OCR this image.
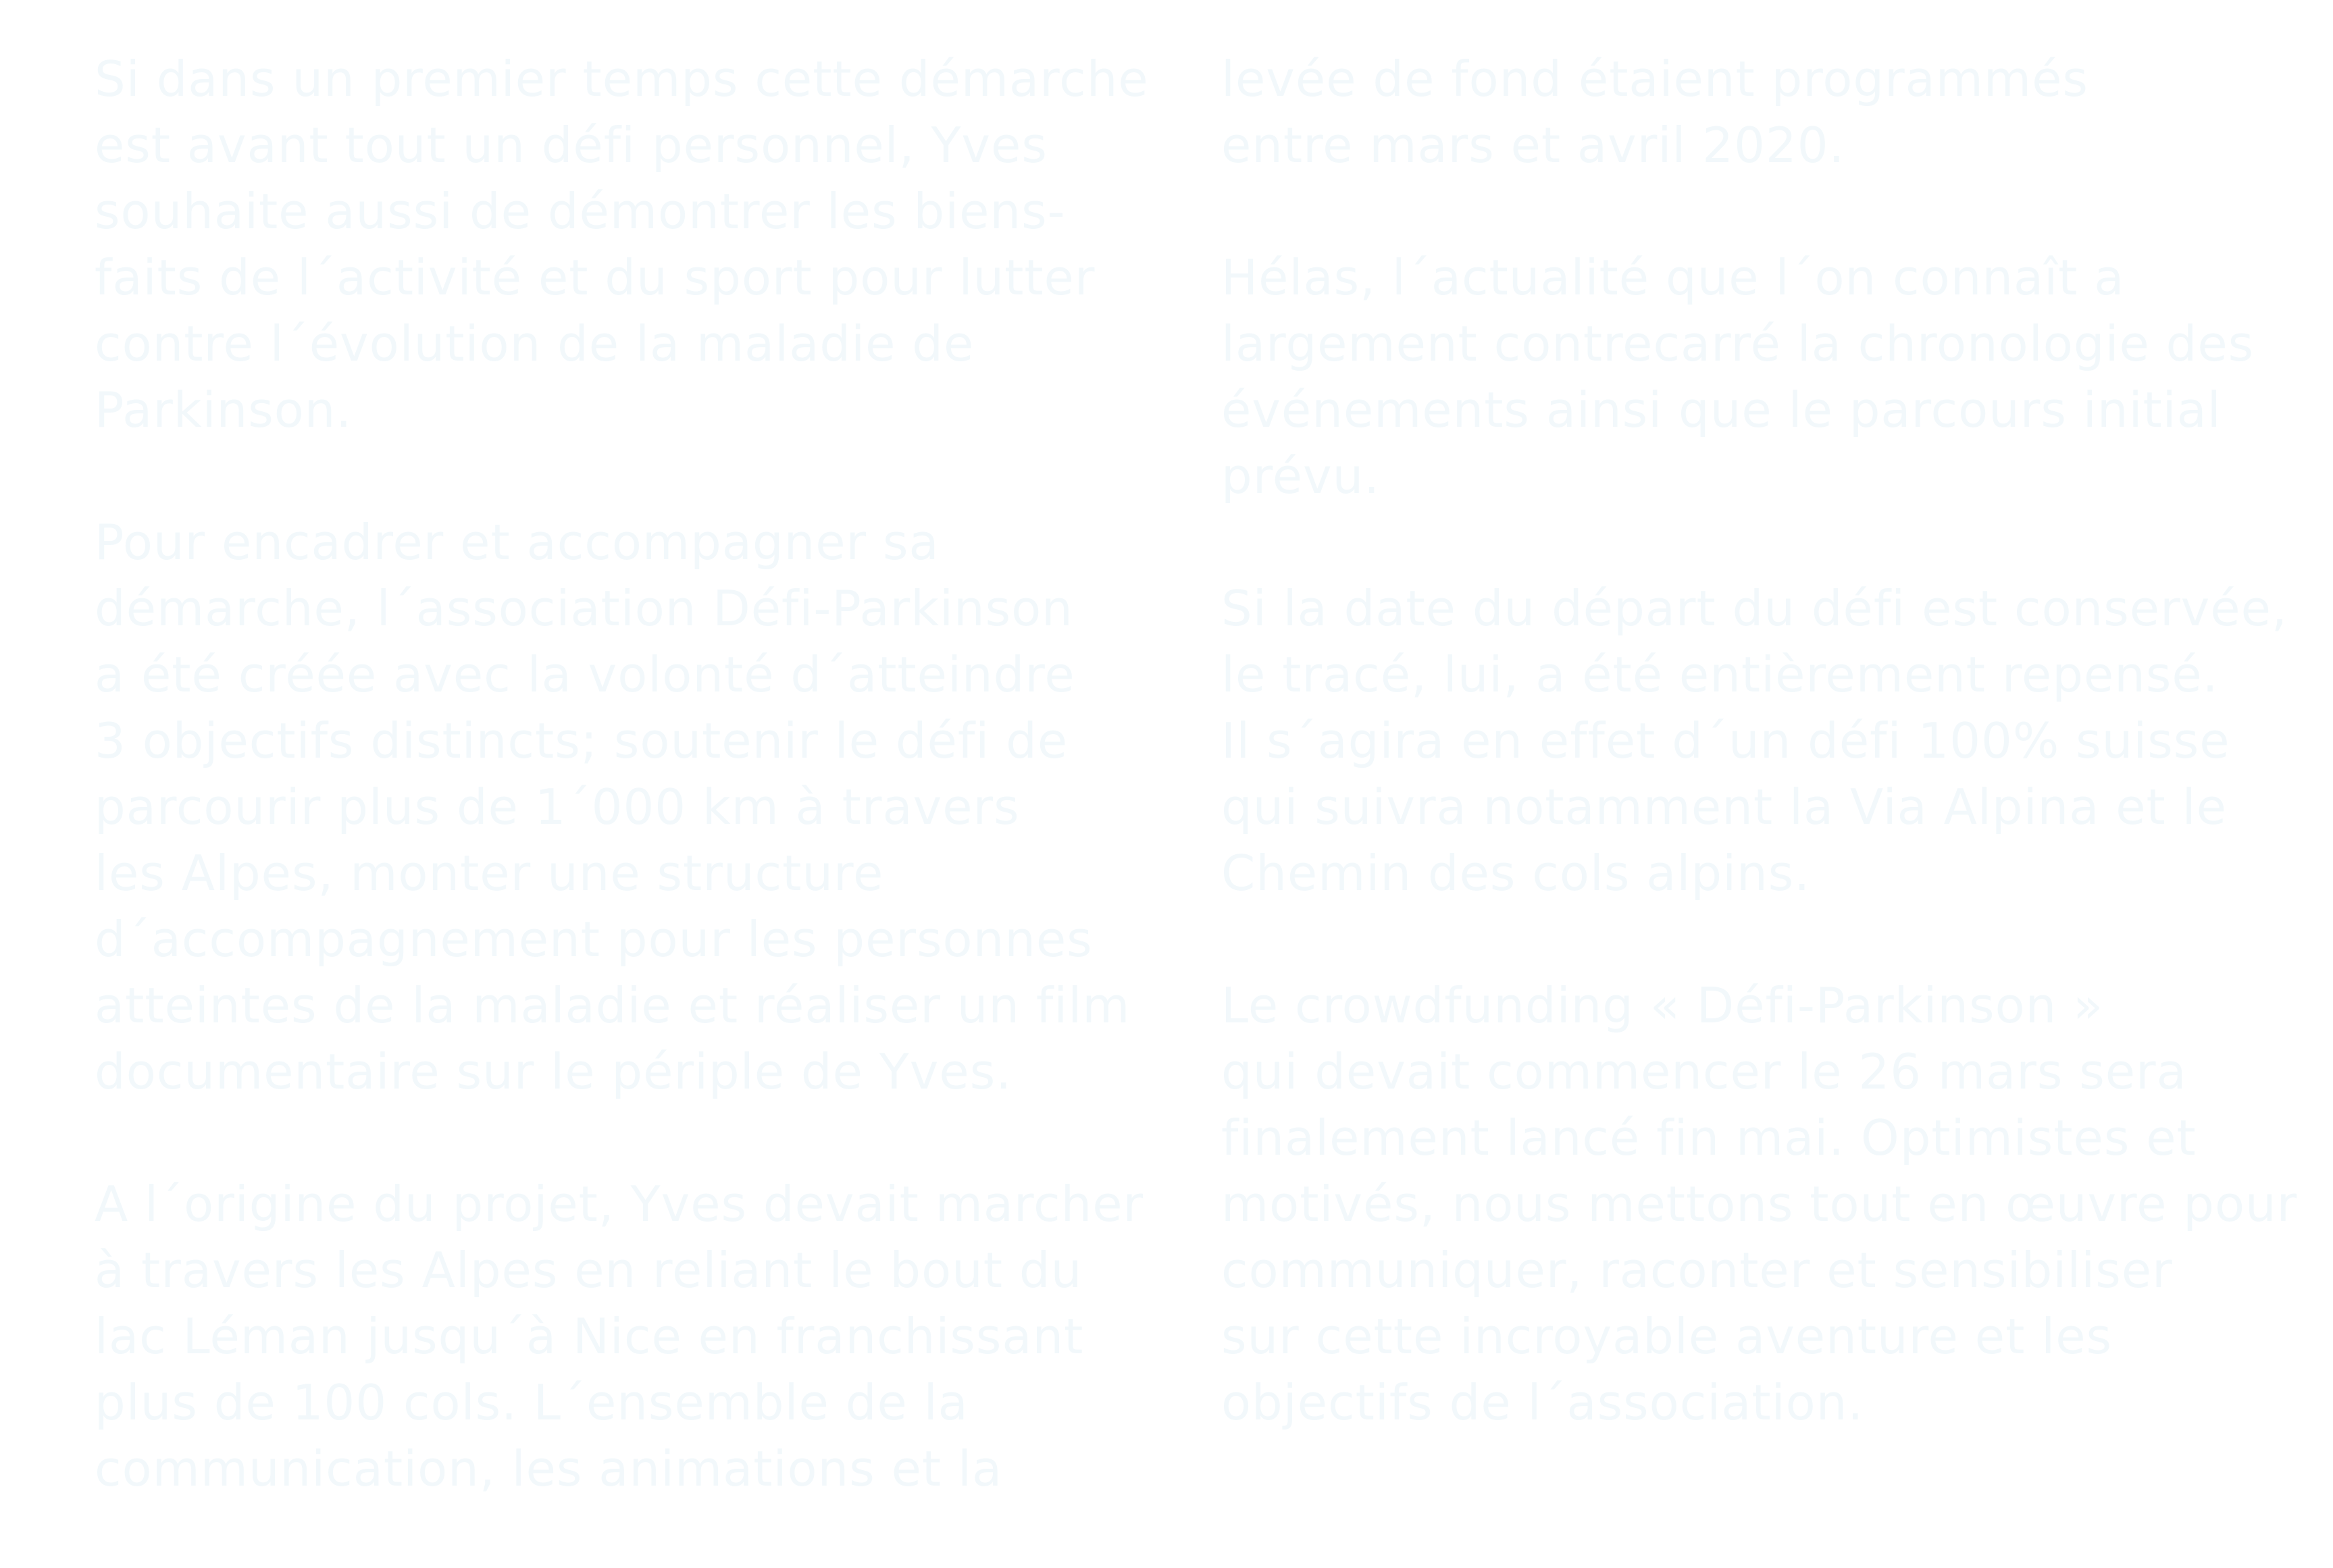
Si dans un premier temps cette démarche
est avant tout un défi personnel, Yves
souhaite aussi de démontrer les biens-
faits de l´activité et du sport pour lutter
contre l´évolution de la maladie de
Parkinson.
Pour encadrer et accompagner sa
démarche, l´association Défi-Parkinson
a été créée avec la volonté d´atteindre
3 objectifs distincts; soutenir le défi de
parcourir plus de 1´000 km à travers
les Alpes, monter une structure
d´accompagnement pour les personnes
atteintes de la maladie et réaliser un film
documentaire sur le périple de Yves.
A l´origine du projet, Yves devait marcher
à travers les Alpes en reliant le bout du
lac Léman jusqu´à Nice en franchissant
plus de 100 cols. L´ensemble de la
communication, les animations et la
levée de fond étaient programmés
entre mars et avril 2020.
Hélas, l´actualité que l´on connaît a
largement contrecarré la chronologie des
événements ainsi que le parcours initial
prévu.
Si la date du départ du défi est conservée,
le tracé, lui, a été entièrement repensé.
Il s´agira en effet d´un défi 100% suisse
qui suivra notamment la Via Alpina et le
Chemin des cols alpins.
Le crowdfunding « Défi-Parkinson »
qui devait commencer le 26 mars sera
finalement lancé fin mai. Optimistes et
motivés, nous mettons tout en œuvre pour
communiquer, raconter et sensibiliser
sur cette incroyable aventure et les
objectifs de l´association.
